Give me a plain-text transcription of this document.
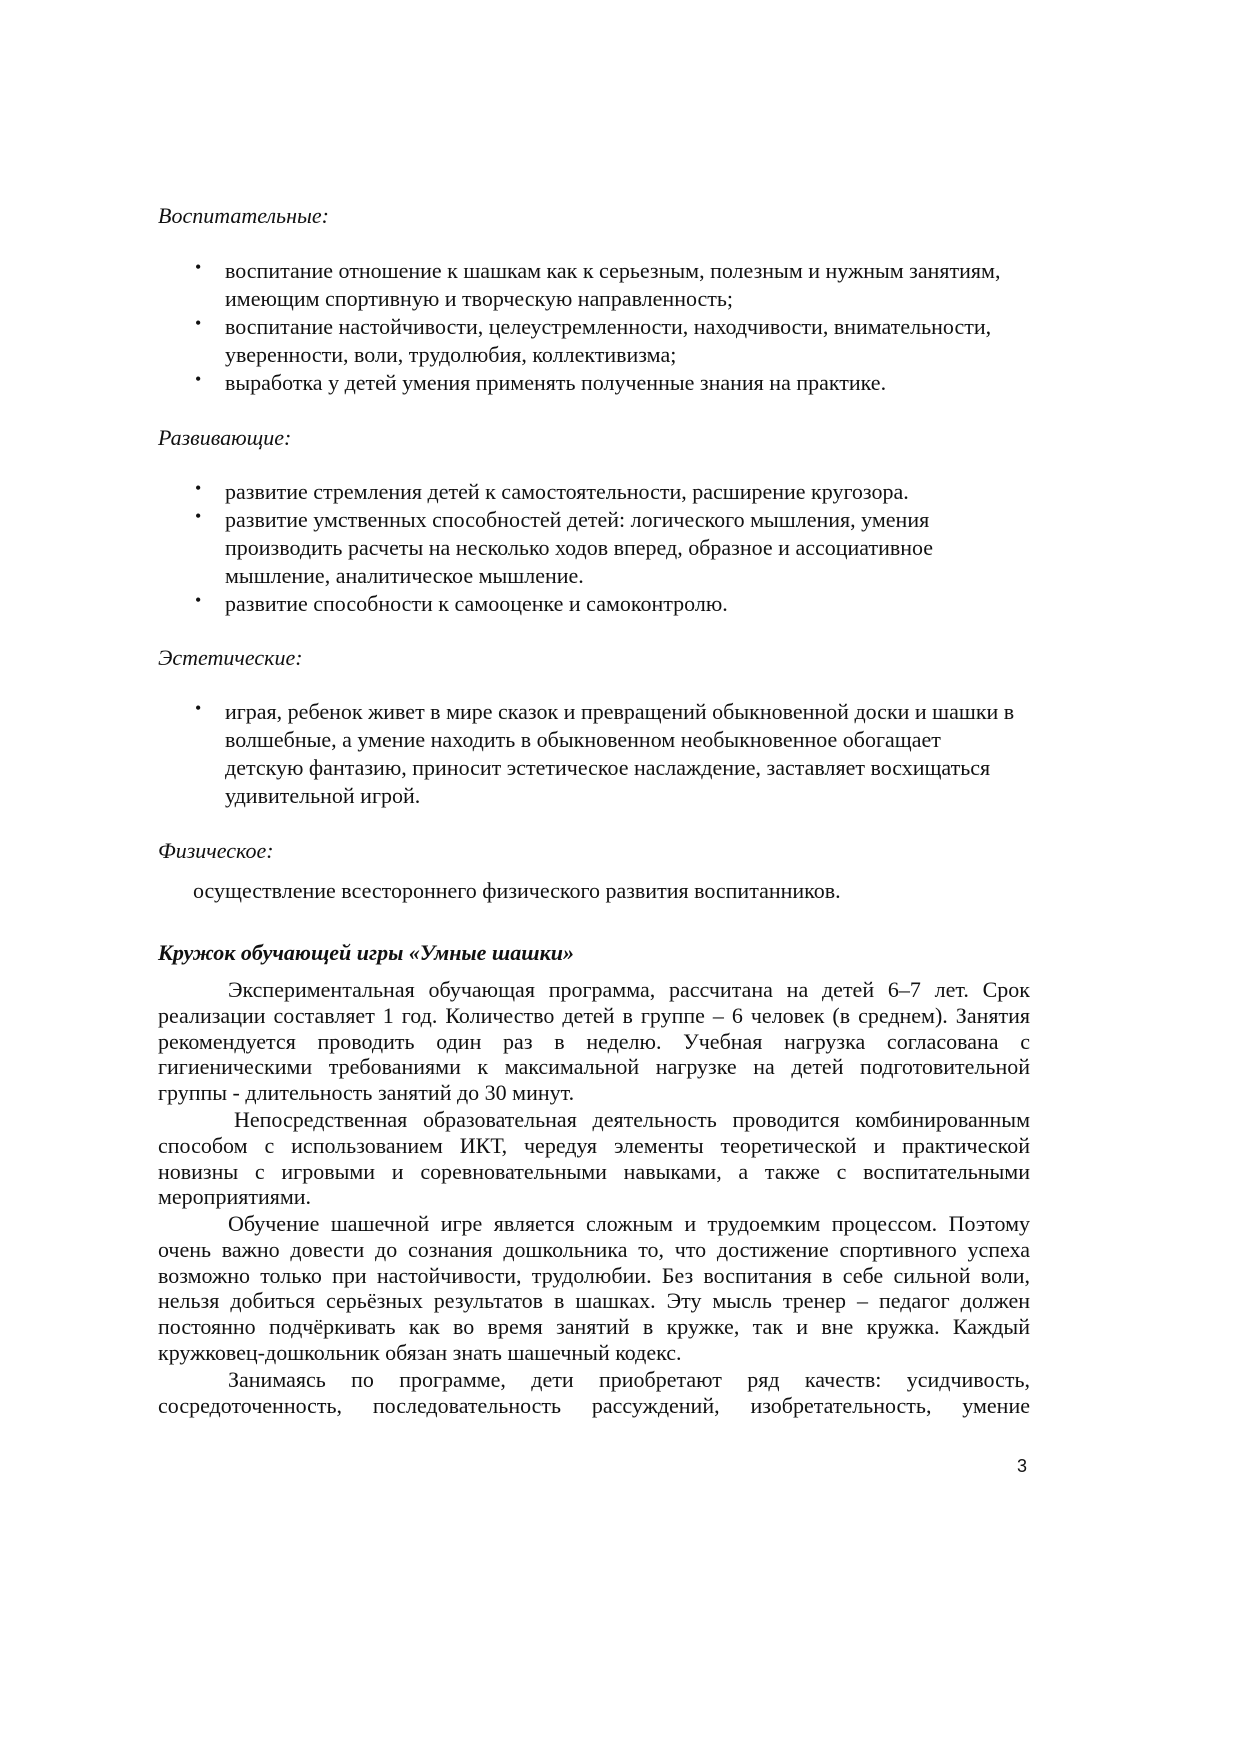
Воспитательные:
• воспитание отношение к шашкам как к серьезным, полезным и нужным занятиям,
имеющим спортивную и творческую направленность;
• воспитание настойчивости, целеустремленности, находчивости, внимательности,
уверенности, воли, трудолюбия, коллективизма;
• выработка у детей умения применять полученные знания на практике.
Развивающие:
• развитие стремления детей к самостоятельности, расширение кругозора.
• развитие умственных способностей детей: логического мышления, умения
производить расчеты на несколько ходов вперед, образное и ассоциативное
мышление, аналитическое мышление.
• развитие способности к самооценке и самоконтролю.
Эстетические:
• играя, ребенок живет в мире сказок и превращений обыкновенной доски и шашки в
волшебные, а умение находить в обыкновенном необыкновенное обогащает
детскую фантазию, приносит эстетическое наслаждение, заставляет восхищаться
удивительной игрой.
Физическое:
осуществление всестороннего физического развития воспитанников.
Кружок обучающей игры «Умные шашки»
Экспериментальная обучающая программа, рассчитана на детей 6–7 лет. Срок
реализации составляет 1 год. Количество детей в группе – 6 человек (в среднем). Занятия
рекомендуется проводить один раз в неделю. Учебная нагрузка согласована с
гигиеническими требованиями к максимальной нагрузке на детей подготовительной
группы - длительность занятий до 30 минут.
Непосредственная образовательная деятельность проводится комбинированным
способом с использованием ИКТ, чередуя элементы теоретической и практической
новизны с игровыми и соревновательными навыками, а также с воспитательными
мероприятиями.
Обучение шашечной игре является сложным и трудоемким процессом. Поэтому
очень важно довести до сознания дошкольника то, что достижение спортивного успеха
возможно только при настойчивости, трудолюбии. Без воспитания в себе сильной воли,
нельзя добиться серьёзных результатов в шашках. Эту мысль тренер – педагог должен
постоянно подчёркивать как во время занятий в кружке, так и вне кружка. Каждый
кружковец-дошкольник обязан знать шашечный кодекс.
Занимаясь по программе, дети приобретают ряд качеств: усидчивость,
сосредоточенность, последовательность рассуждений, изобретательность, умение
3
